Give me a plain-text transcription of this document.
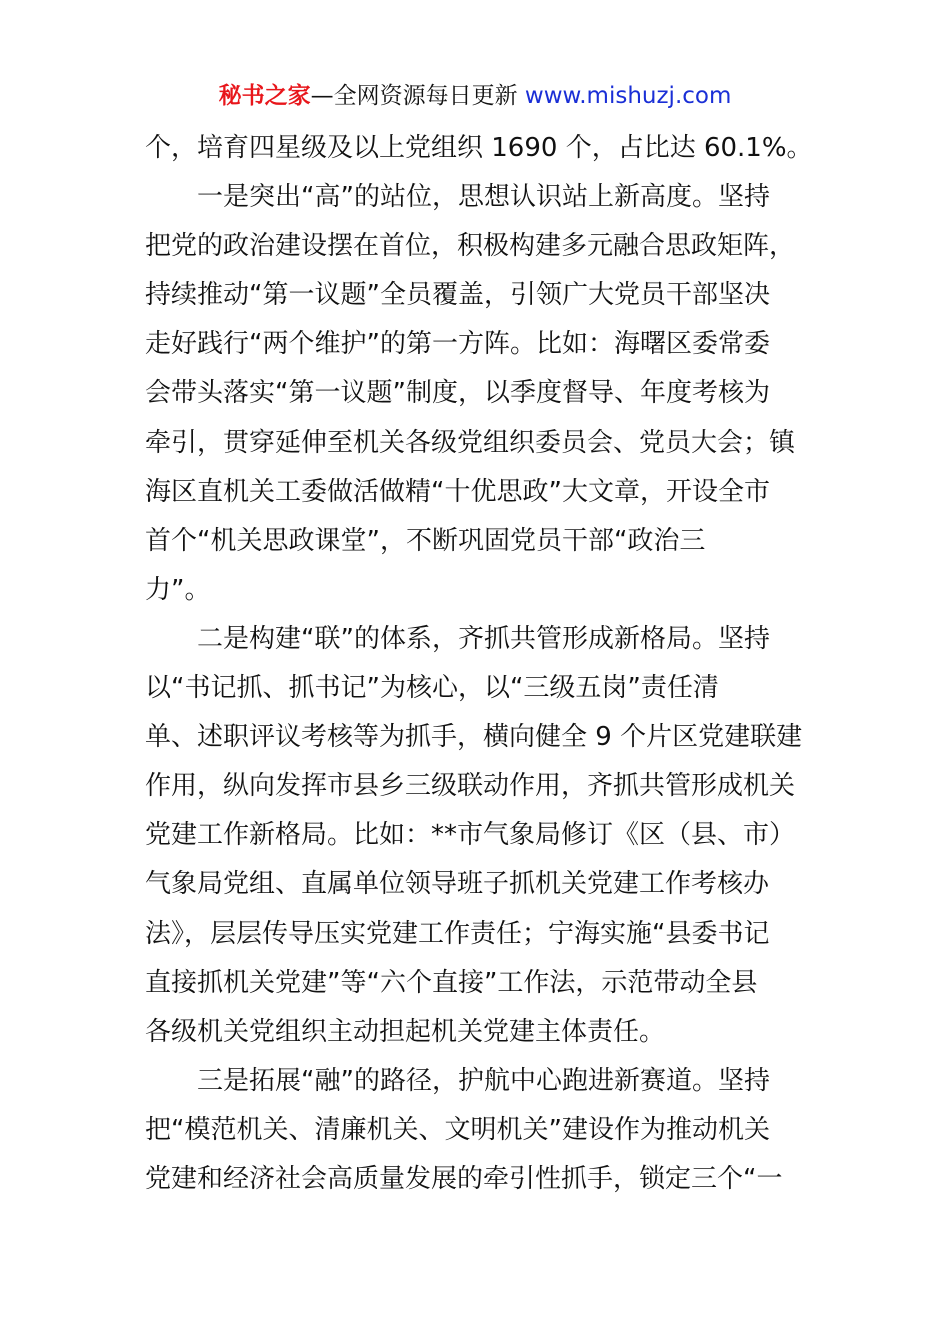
秘书之家—全网资源每日更新 www.mishuzj.com
个，培育四星级及以上党组织 1690 个，占比达 60.1%。
　　一是突出“高”的站位，思想认识站上新高度。坚持
把党的政治建设摆在首位，积极构建多元融合思政矩阵，
持续推动“第一议题”全员覆盖，引领广大党员干部坚决
走好践行“两个维护”的第一方阵。比如：海曙区委常委
会带头落实“第一议题”制度，以季度督导、年度考核为
牵引，贯穿延伸至机关各级党组织委员会、党员大会；镇
海区直机关工委做活做精“十优思政”大文章，开设全市
首个“机关思政课堂”，不断巩固党员干部“政治三
力”。
　　二是构建“联”的体系，齐抓共管形成新格局。坚持
以“书记抓、抓书记”为核心，以“三级五岗”责任清
单、述职评议考核等为抓手，横向健全 9 个片区党建联建
作用，纵向发挥市县乡三级联动作用，齐抓共管形成机关
党建工作新格局。比如：**市气象局修订《区（县、市）
气象局党组、直属单位领导班子抓机关党建工作考核办
法》，层层传导压实党建工作责任；宁海实施“县委书记
直接抓机关党建”等“六个直接”工作法，示范带动全县
各级机关党组织主动担起机关党建主体责任。
　　三是拓展“融”的路径，护航中心跑进新赛道。坚持
把“模范机关、清廉机关、文明机关”建设作为推动机关
党建和经济社会高质量发展的牵引性抓手，锁定三个“一
